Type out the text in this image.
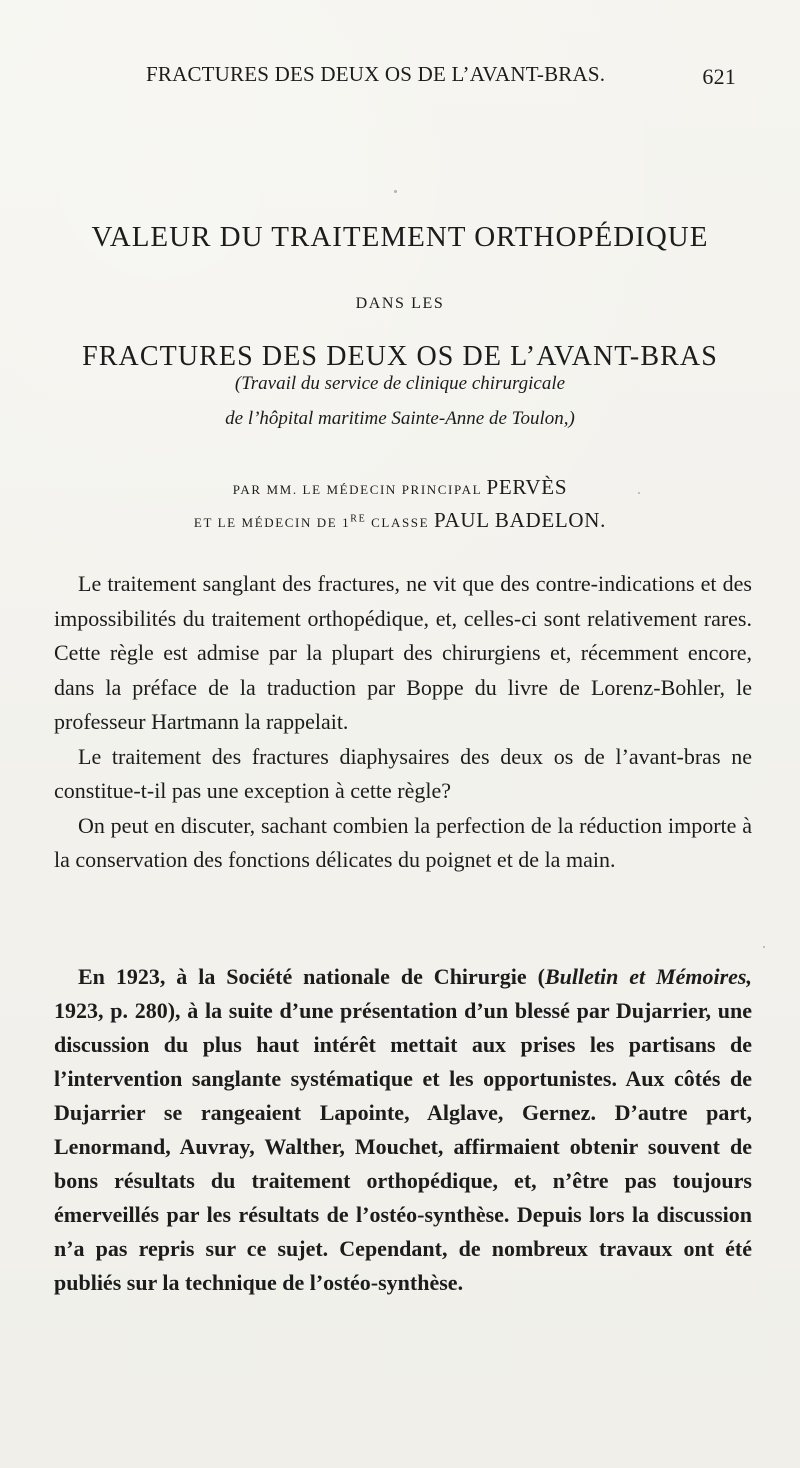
FRACTURES DES DEUX OS DE L’AVANT-BRAS.	621
VALEUR DU TRAITEMENT ORTHOPÉDIQUE
DANS LES
FRACTURES DES DEUX OS DE L’AVANT-BRAS
(Travail du service de clinique chirurgicale
de l’hôpital maritime Sainte-Anne de Toulon,)
PAR MM. LE MÉDECIN PRINCIPAL PERVÈS
ET LE MÉDECIN DE 1RE CLASSE PAUL BADELON.

Le traitement sanglant des fractures, ne vit que des contre-indications et des impossibilités du traitement orthopédique, et, celles-ci sont relativement rares. Cette règle est admise par la plupart des chirurgiens et, récemment encore, dans la préface de la traduction par Boppe du livre de Lorenz-Bohler, le professeur Hartmann la rappelait.

Le traitement des fractures diaphysaires des deux os de l’avant-bras ne constitue-t-il pas une exception à cette règle?

On peut en discuter, sachant combien la perfection de la réduction importe à la conservation des fonctions délicates du poignet et de la main.

En 1923, à la Société nationale de Chirurgie (Bulletin et Mémoires, 1923, p. 280), à la suite d’une présentation d’un blessé par Dujarrier, une discussion du plus haut intérêt mettait aux prises les partisans de l’intervention sanglante systématique et les opportunistes. Aux côtés de Dujarrier se rangeaient Lapointe, Alglave, Gernez. D’autre part, Lenormand, Auvray, Walther, Mouchet, affirmaient obtenir souvent de bons résultats du traitement orthopédique, et, n’être pas toujours émerveillés par les résultats de l’ostéo-synthèse. Depuis lors la discussion n’a pas repris sur ce sujet. Cependant, de nombreux travaux ont été publiés sur la technique de l’ostéo-synthèse.
